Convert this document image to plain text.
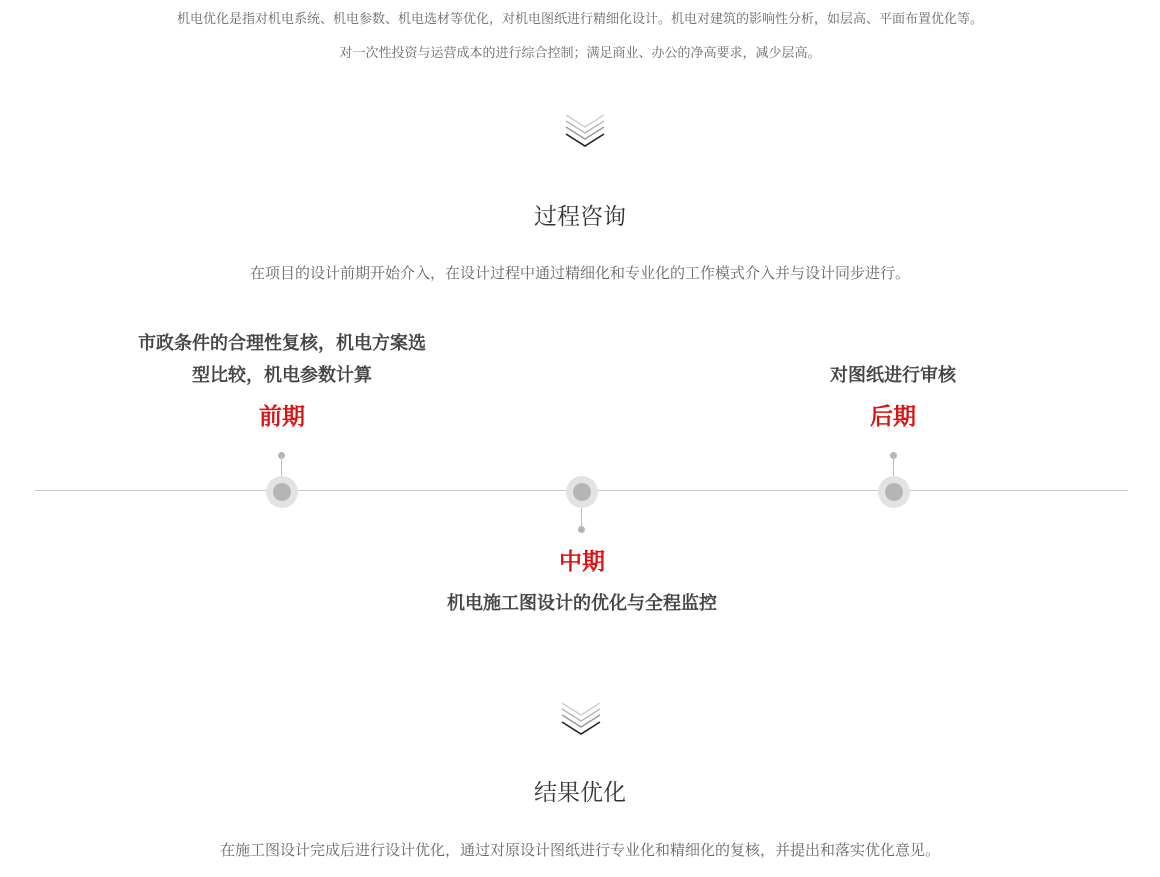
机电优化是指对机电系统、机电参数、机电选材等优化，对机电图纸进行精细化设计。机电对建筑的影响性分析，如层高、平面布置优化等。
对一次性投资与运营成本的进行综合控制；满足商业、办公的净高要求，减少层高。
过程咨询
在项目的设计前期开始介入，在设计过程中通过精细化和专业化的工作模式介入并与设计同步进行。
市政条件的合理性复核，机电方案选
型比较，机电参数计算
前期
对图纸进行审核
后期
中期
机电施工图设计的优化与全程监控
结果优化
在施工图设计完成后进行设计优化，通过对原设计图纸进行专业化和精细化的复核，并提出和落实优化意见。
